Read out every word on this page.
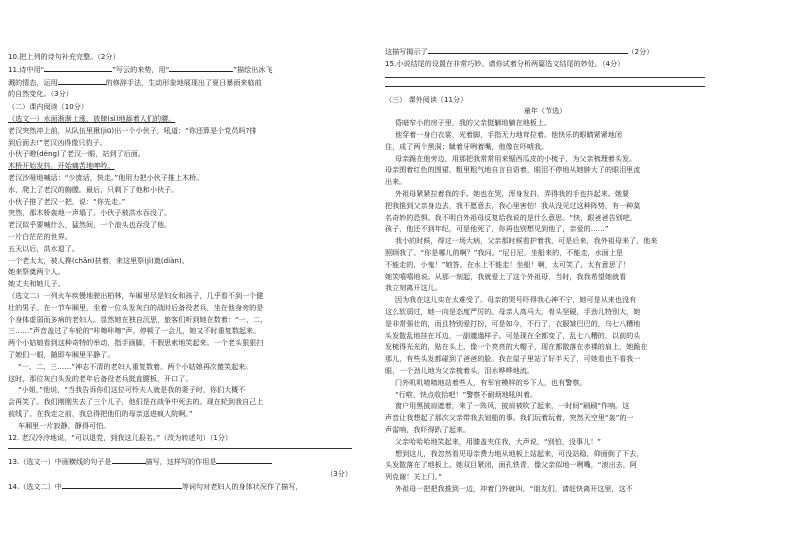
10.把上列的诗句补充完整。（2分）

11.诗中用“	”写云的来势，用“	”描绘出冰飞

溅的情态，运用	的修辞手法，生动形象地展现出了夏日暴雨来临前

的自然变化。（3分）

（二）课内阅读（10分）

（选文一）水面渐渐上涨，放肆(sì)地舔着人们的腰。

老汉突然冲上前，从队伍里揪(jiū)出一个小伙子，吼道：“你还算是个党员吗?排

到后面去!”老汉凶得像只豹子。

小伙子瞪(dèng)了老汉一眼，站到了后面。

木桥开始发抖，开始痛苦地呻吟。

老汉沙哑地喊话：“少废话，快走。”他用力把小伙子推上木桥。

水，爬上了老汉的胸膛。最后，只剩下了他和小伙子。

小伙子推了老汉一把，说：“你先走。”

突然，那木桥轰地一声塌了。小伙子被洪水吞没了。

老汉似乎要喊什么，猛然间，一个浪头也吞没了他。

一片白茫茫的世界。

五天以后，洪水退了。

一个老太太，被人搀(chān)扶着，来这里祭(jì)奠(diàn)。

她来祭奠两个人。

她丈夫和她儿子。

（选文二）一列火车疾慢地驶出柏林，车厢里尽是妇女和孩子，几乎看不到一个健

壮的男子。在一节车厢里，坐着一位头发灰白的战时后备役老兵，坐在他身旁的是

个身体虚弱而多病的老妇人。显然她在独自沉思，旅客们听到她在数着：“一、二、

三……”声音盖过了车轮的“咔嚓咔嚓”声。停顿了一会儿，她又不时重复数起来。

两个小姑娘看到这种奇特的举动，指手画脚，不假思索地笑起来。一个老头狠狠扫

了她们一眼，随即车厢里平静了。

“一、二、三……”神志不清的老妇人重复数着。两个小姑娘再次傻笑起来。

这时，那位灰白头发的老年后备役老兵挺直腰板，开口了。

“小姐，”他说，“当我告诉你们这位可怜夫人就是我的妻子时，你们大概不

会再笑了。我们刚刚失去了三个儿子，他们是在战争中死去的。现在轮到我自己上

前线了。在我走之前，我总得把他们的母亲送进疯人院啊。”

车厢里一片寂静，静得可怕。

12. 老汉冷冷地说，“可以退党，到我这儿报名。”（改为转述句）（1分）

13.（选文一）中画横线的句子是	描写，这样写的作用是

（3分）

14.（选文二）中	等词句对老妇人的身体状况作了描写，

这描写揭示了	（2分）

15.小说结尾的设置在非常巧妙。请你试着分析两篇选文结尾的妙处。（4分）

（三） 课外阅读（11分）

童年（节选）

昏暗窄小的房子里，我的父亲挺躺地躺在地板上。

他穿着一身白衣裳，光着脚，手指无力地耷拉着。他快乐的眼睛紧紧地闭

住，成了两个黑洞；龇着牙咧着嘴，他像在吓唬我。

母亲跪在他旁边，用那把我常常用来锯西瓜皮的小梳子，为父亲梳理着头发。

母亲围着红色的围裙，粗里粗气地自言自语着，眼泪不停地从她肿大了的眼泪里流

出来。

外祖母紧紧拉着我的手。她也在哭，浑身发抖，弄得我的手也抖起来。她要

把我推到父亲身边去，我不愿意去，我心里害怕！我从没见过这种阵势，有一种莫

名奇妙的恐惧。我不明白外祖母反复给我说的是什么意思。“快，跟爸爸告别吧，

孩子，他还不到年纪，可是他死了，你再也别想见到他了，亲爱的……”

我小的时候，得过一场大病，父亲那时候看护着我，可是后来，我外祖母来了，他来

照顾我了。“你是哪儿的啊？”我问。“尼日尼，坐船来的，不能走，水面上是

不能走的，小鬼！”她答。在水上不能走！坐船！啊，太可笑了，太有意思了！

她笑嘻嘻地说。从那一刻起，我就爱上了这个外祖母，当时，我我希望她就看

我立刻离开这儿。

因为我在这儿实在太难受了。母亲的哭号吓得我心神不宁，她可是从来也没有

这么软弱过，她一向是态度严厉的。母亲人高马大，骨头坚硬，手劲儿特别大，她

是非常强壮的，而且特别爱打扮，可是如今，不行了，衣服皱巴巴的，乌七八糟地

头发散乱地挂在耳边，一副邋遢样子。可是现在全都变了，乱七八糟的，以前的头

发梳得光光的，贴在头上，像一个亮亮的大帽子，现在都散落在赤裸的肩上，她跪在

那儿，有些头发都碰到了爸爸的脸。我在屋子里站了好半天了，可她看也不看我一

眼，一个劲儿地为父亲梳着头，泪水哗哗地流。

门外叽叽喳喳地站着些人，有军官模样的乡下人，也有警察。

“行啦，快点收拾吧！”警察不耐烦地吼叫着。

窗户用黑披肩遮着，来了一阵风，披肩被吹了起来，一时间“刷刷”作响。这

声音让我想起了那次父亲带我去划船的事。我们玩着玩着，突然天空里“轰”的一

声雷响，我吓得趴了起来。

父亲哈哈哈地笑起来，用膝盖夹住我，大声说，“别怕，没事儿！”

想到这儿，我忽然看见母亲费力地从地板上站起来，可没站稳，仰面倒了下去，

头发散落在了地板上。她双目紧闭，面孔铁青，像父亲似地一咧嘴，“滚出去，阿

列克谢！关上门。”

外祖母一把把我推到一边，冲着门外就叫，“朋友们，请赶快离开这里，这不
